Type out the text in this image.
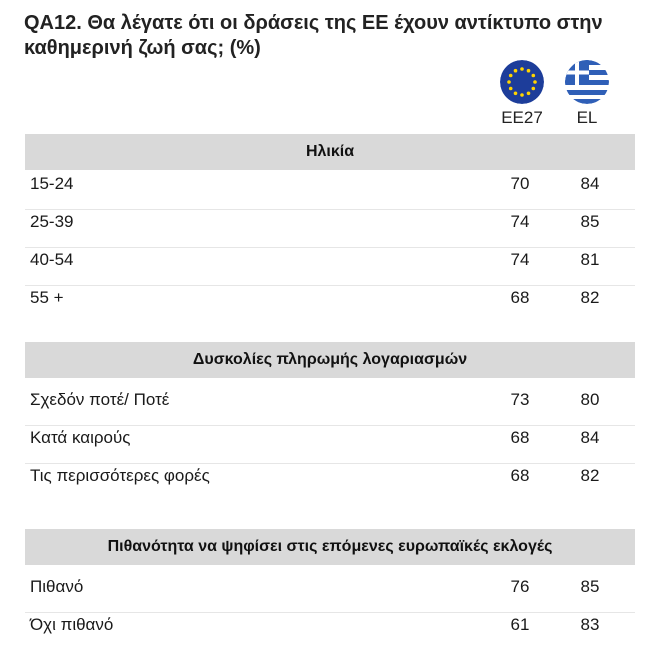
QA12. Θα λέγατε ότι οι δράσεις της ΕΕ έχουν αντίκτυπο στην καθημερινή ζωή σας; (%)
ΕΕ27	EL
Ηλικία
15-24	70	84
25-39	74	85
40-54	74	81
55 +	68	82
Δυσκολίες πληρωμής λογαριασμών
Σχεδόν ποτέ/ Ποτέ	73	80
Κατά καιρούς	68	84
Τις περισσότερες φορές	68	82
Πιθανότητα να ψηφίσει στις επόμενες ευρωπαϊκές εκλογές
Πιθανό	76	85
Όχι πιθανό	61	83
